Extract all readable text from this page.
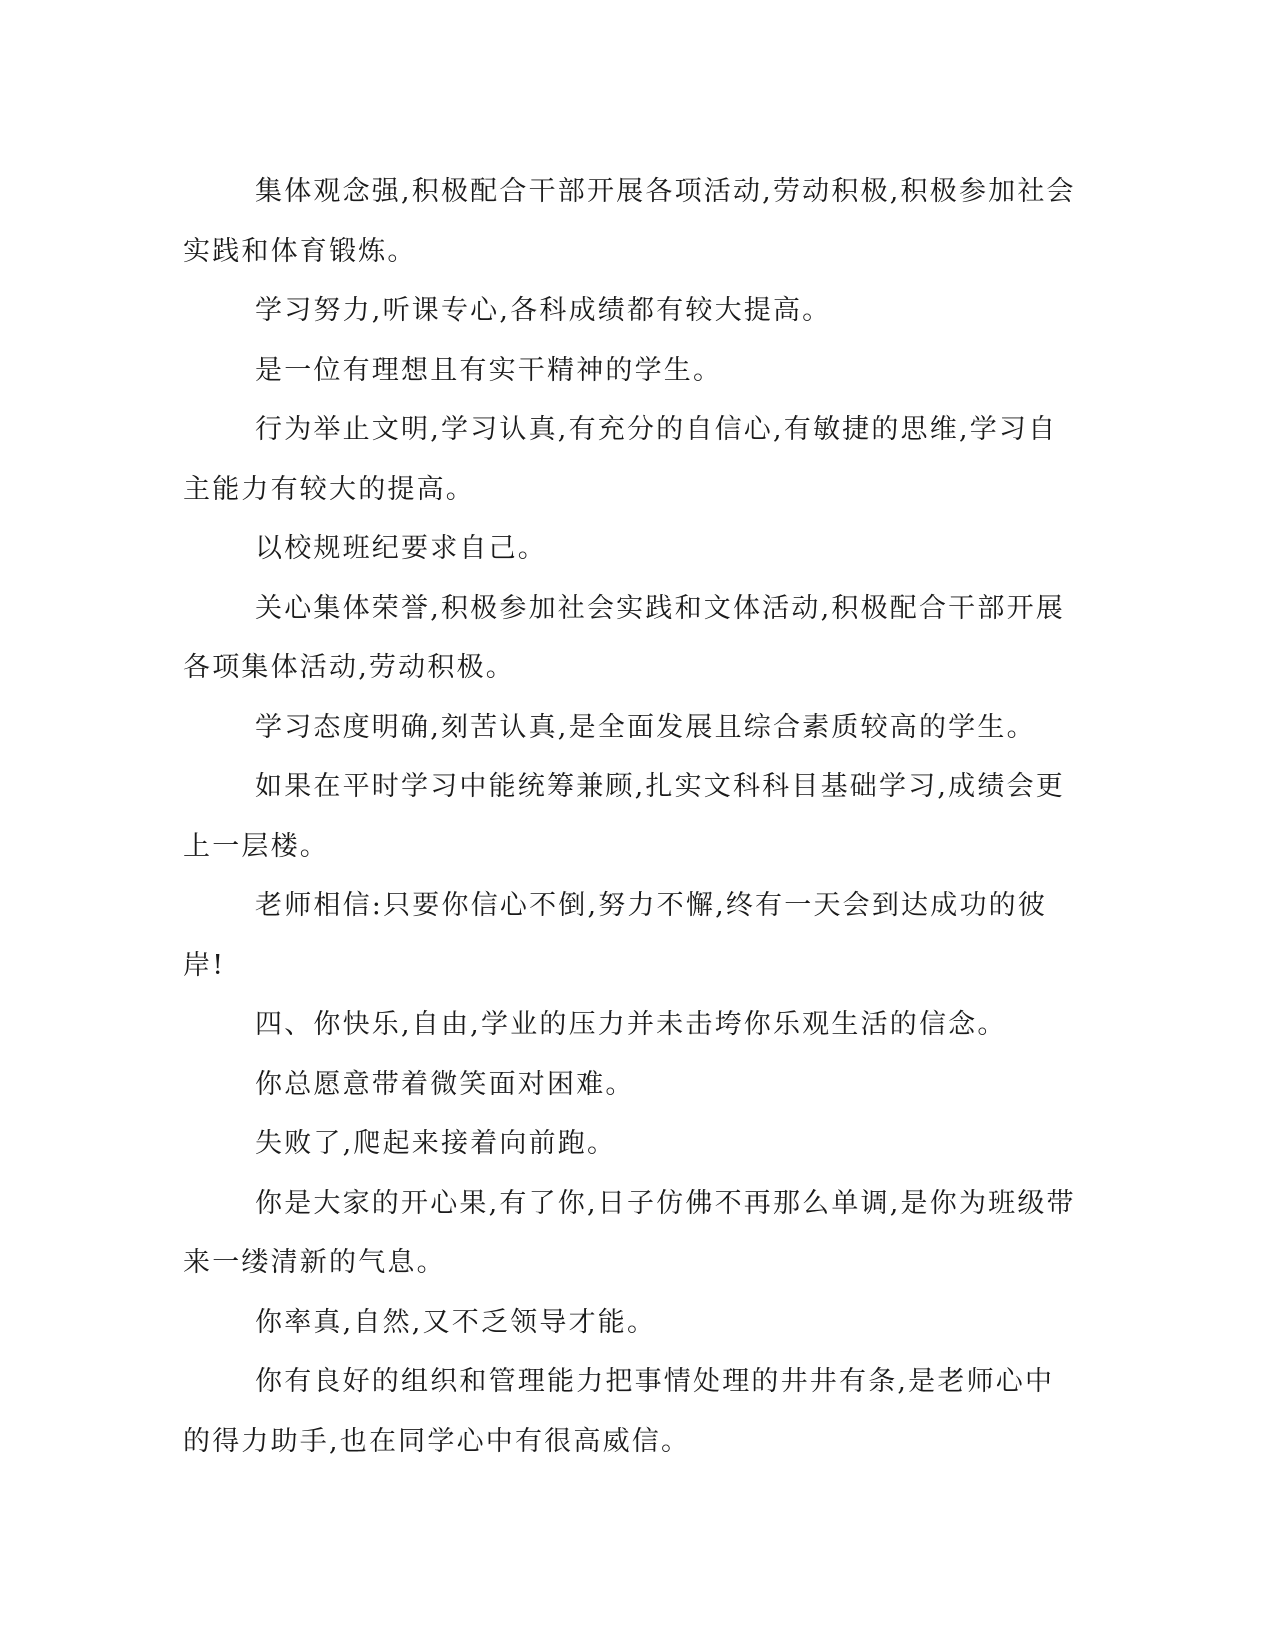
集体观念强,积极配合干部开展各项活动,劳动积极,积极参加社会实践和体育锻炼。

学习努力,听课专心,各科成绩都有较大提高。

是一位有理想且有实干精神的学生。

行为举止文明,学习认真,有充分的自信心,有敏捷的思维,学习自主能力有较大的提高。

以校规班纪要求自己。

关心集体荣誉,积极参加社会实践和文体活动,积极配合干部开展各项集体活动,劳动积极。

学习态度明确,刻苦认真,是全面发展且综合素质较高的学生。

如果在平时学习中能统筹兼顾,扎实文科科目基础学习,成绩会更上一层楼。

老师相信:只要你信心不倒,努力不懈,终有一天会到达成功的彼岸!

四、你快乐,自由,学业的压力并未击垮你乐观生活的信念。

你总愿意带着微笑面对困难。

失败了,爬起来接着向前跑。

你是大家的开心果,有了你,日子仿佛不再那么单调,是你为班级带来一缕清新的气息。

你率真,自然,又不乏领导才能。

你有良好的组织和管理能力把事情处理的井井有条,是老师心中的得力助手,也在同学心中有很高威信。
